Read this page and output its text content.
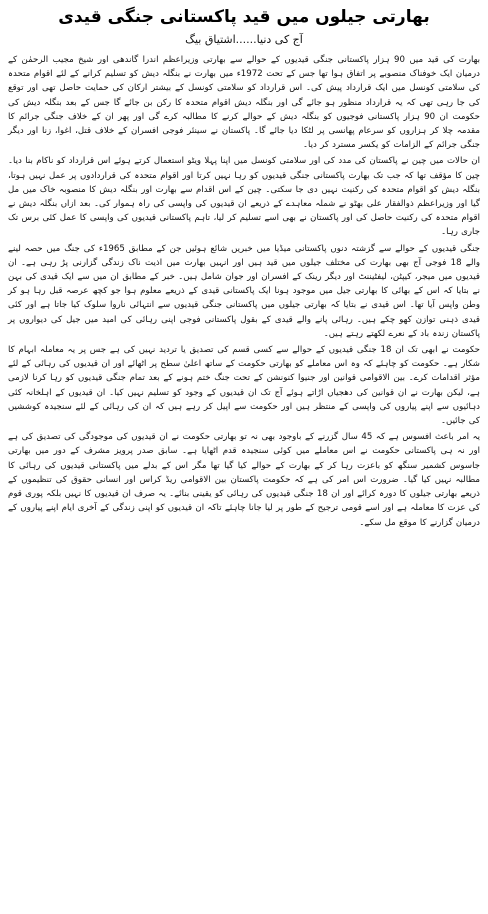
بھارتی جیلوں میں قید پاکستانی جنگی قیدی

آج کی دنیا......اشتیاق بیگ

بھارت کی قید میں 90 ہزار پاکستانی جنگی قیدیوں کے حوالے سے بھارتی وزیراعظم اندرا گاندھی اور شیخ مجیب الرحمٰن کے درمیان ایک خوفناک منصوبے پر اتفاق ہوا تھا جس کے تحت 1972ء میں بھارت نے بنگلہ دیش کو تسلیم کرانے کے لئے اقوام متحدہ کی سلامتی کونسل میں ایک قرارداد پیش کی۔ اس قرارداد کو سلامتی کونسل کے بیشتر ارکان کی حمایت حاصل تھی اور توقع کی جا رہی تھی کہ یہ قرارداد منظور ہو جائے گی اور بنگلہ دیش اقوام متحدہ کا رکن بن جائے گا جس کے بعد بنگلہ دیش کی حکومت ان 90 ہزار پاکستانی فوجیوں کو بنگلہ دیش کے حوالے کرنے کا مطالبہ کرے گی اور پھر ان کے خلاف جنگی جرائم کا مقدمہ چلا کر ہزاروں کو سرعام پھانسی پر لٹکا دیا جائے گا۔ پاکستان نے سینئر فوجی افسران کے خلاف قتل، اغوا، زنا اور دیگر جنگی جرائم کے الزامات کو یکسر مسترد کر دیا۔

ان حالات میں چین نے پاکستان کی مدد کی اور سلامتی کونسل میں اپنا پہلا ویٹو استعمال کرتے ہوئے اس قرارداد کو ناکام بنا دیا۔ چین کا مؤقف تھا کہ جب تک بھارت پاکستانی جنگی قیدیوں کو رہا نہیں کرتا اور اقوام متحدہ کی قراردادوں پر عمل نہیں ہوتا، بنگلہ دیش کو اقوام متحدہ کی رکنیت نہیں دی جا سکتی۔ چین کے اس اقدام سے بھارت اور بنگلہ دیش کا منصوبہ خاک میں مل گیا اور وزیراعظم ذوالفقار علی بھٹو نے شملہ معاہدے کے ذریعے ان قیدیوں کی واپسی کی راہ ہموار کی۔ بعد ازاں بنگلہ دیش نے اقوام متحدہ کی رکنیت حاصل کی اور پاکستان نے بھی اسے تسلیم کر لیا، تاہم پاکستانی قیدیوں کی واپسی کا عمل کئی برس تک جاری رہا۔

جنگی قیدیوں کے حوالے سے گزشتہ دنوں پاکستانی میڈیا میں خبریں شائع ہوئیں جن کے مطابق 1965ء کی جنگ میں حصہ لینے والے 18 فوجی آج بھی بھارت کی مختلف جیلوں میں قید ہیں اور انہیں بھارت میں اذیت ناک زندگی گزارنی پڑ رہی ہے۔ ان قیدیوں میں میجر، کیپٹن، لیفٹیننٹ اور دیگر رینک کے افسران اور جوان شامل ہیں۔ خبر کے مطابق ان میں سے ایک قیدی کی بہن نے بتایا کہ اس کے بھائی کا بھارتی جیل میں موجود ہونا ایک پاکستانی قیدی کے ذریعے معلوم ہوا جو کچھ عرصہ قبل رہا ہو کر وطن واپس آیا تھا۔ اس قیدی نے بتایا کہ بھارتی جیلوں میں پاکستانی جنگی قیدیوں سے انتہائی ناروا سلوک کیا جاتا ہے اور کئی قیدی ذہنی توازن کھو چکے ہیں۔ رہائی پانے والے قیدی کے بقول پاکستانی فوجی اپنی رہائی کی امید میں جیل کی دیواروں پر پاکستان زندہ باد کے نعرے لکھتے رہتے ہیں۔

حکومت نے ابھی تک ان 18 جنگی قیدیوں کے حوالے سے کسی قسم کی تصدیق یا تردید نہیں کی ہے جس پر یہ معاملہ ابہام کا شکار ہے۔ حکومت کو چاہئے کہ وہ اس معاملے کو بھارتی حکومت کے ساتھ اعلیٰ سطح پر اٹھائے اور ان قیدیوں کی رہائی کے لئے مؤثر اقدامات کرے۔ بین الاقوامی قوانین اور جنیوا کنونشن کے تحت جنگ ختم ہونے کے بعد تمام جنگی قیدیوں کو رہا کرنا لازمی ہے، لیکن بھارت نے ان قوانین کی دھجیاں اڑاتے ہوئے آج تک ان قیدیوں کے وجود کو تسلیم نہیں کیا۔ ان قیدیوں کے اہلخانہ کئی دہائیوں سے اپنے پیاروں کی واپسی کے منتظر ہیں اور حکومت سے اپیل کر رہے ہیں کہ ان کی رہائی کے لئے سنجیدہ کوششیں کی جائیں۔

یہ امر باعث افسوس ہے کہ 45 سال گزرنے کے باوجود بھی نہ تو بھارتی حکومت نے ان قیدیوں کی موجودگی کی تصدیق کی ہے اور نہ ہی پاکستانی حکومت نے اس معاملے میں کوئی سنجیدہ قدم اٹھایا ہے۔ سابق صدر پرویز مشرف کے دور میں بھارتی جاسوس کشمیر سنگھ کو باعزت رہا کر کے بھارت کے حوالے کیا گیا تھا مگر اس کے بدلے میں پاکستانی قیدیوں کی رہائی کا مطالبہ نہیں کیا گیا۔ ضرورت اس امر کی ہے کہ حکومت پاکستان بین الاقوامی ریڈ کراس اور انسانی حقوق کی تنظیموں کے ذریعے بھارتی جیلوں کا دورہ کرائے اور ان 18 جنگی قیدیوں کی رہائی کو یقینی بنائے۔ یہ صرف ان قیدیوں کا نہیں بلکہ پوری قوم کی عزت کا معاملہ ہے اور اسے قومی ترجیح کے طور پر لیا جانا چاہئے تاکہ ان قیدیوں کو اپنی زندگی کے آخری ایام اپنے پیاروں کے درمیان گزارنے کا موقع مل سکے۔
